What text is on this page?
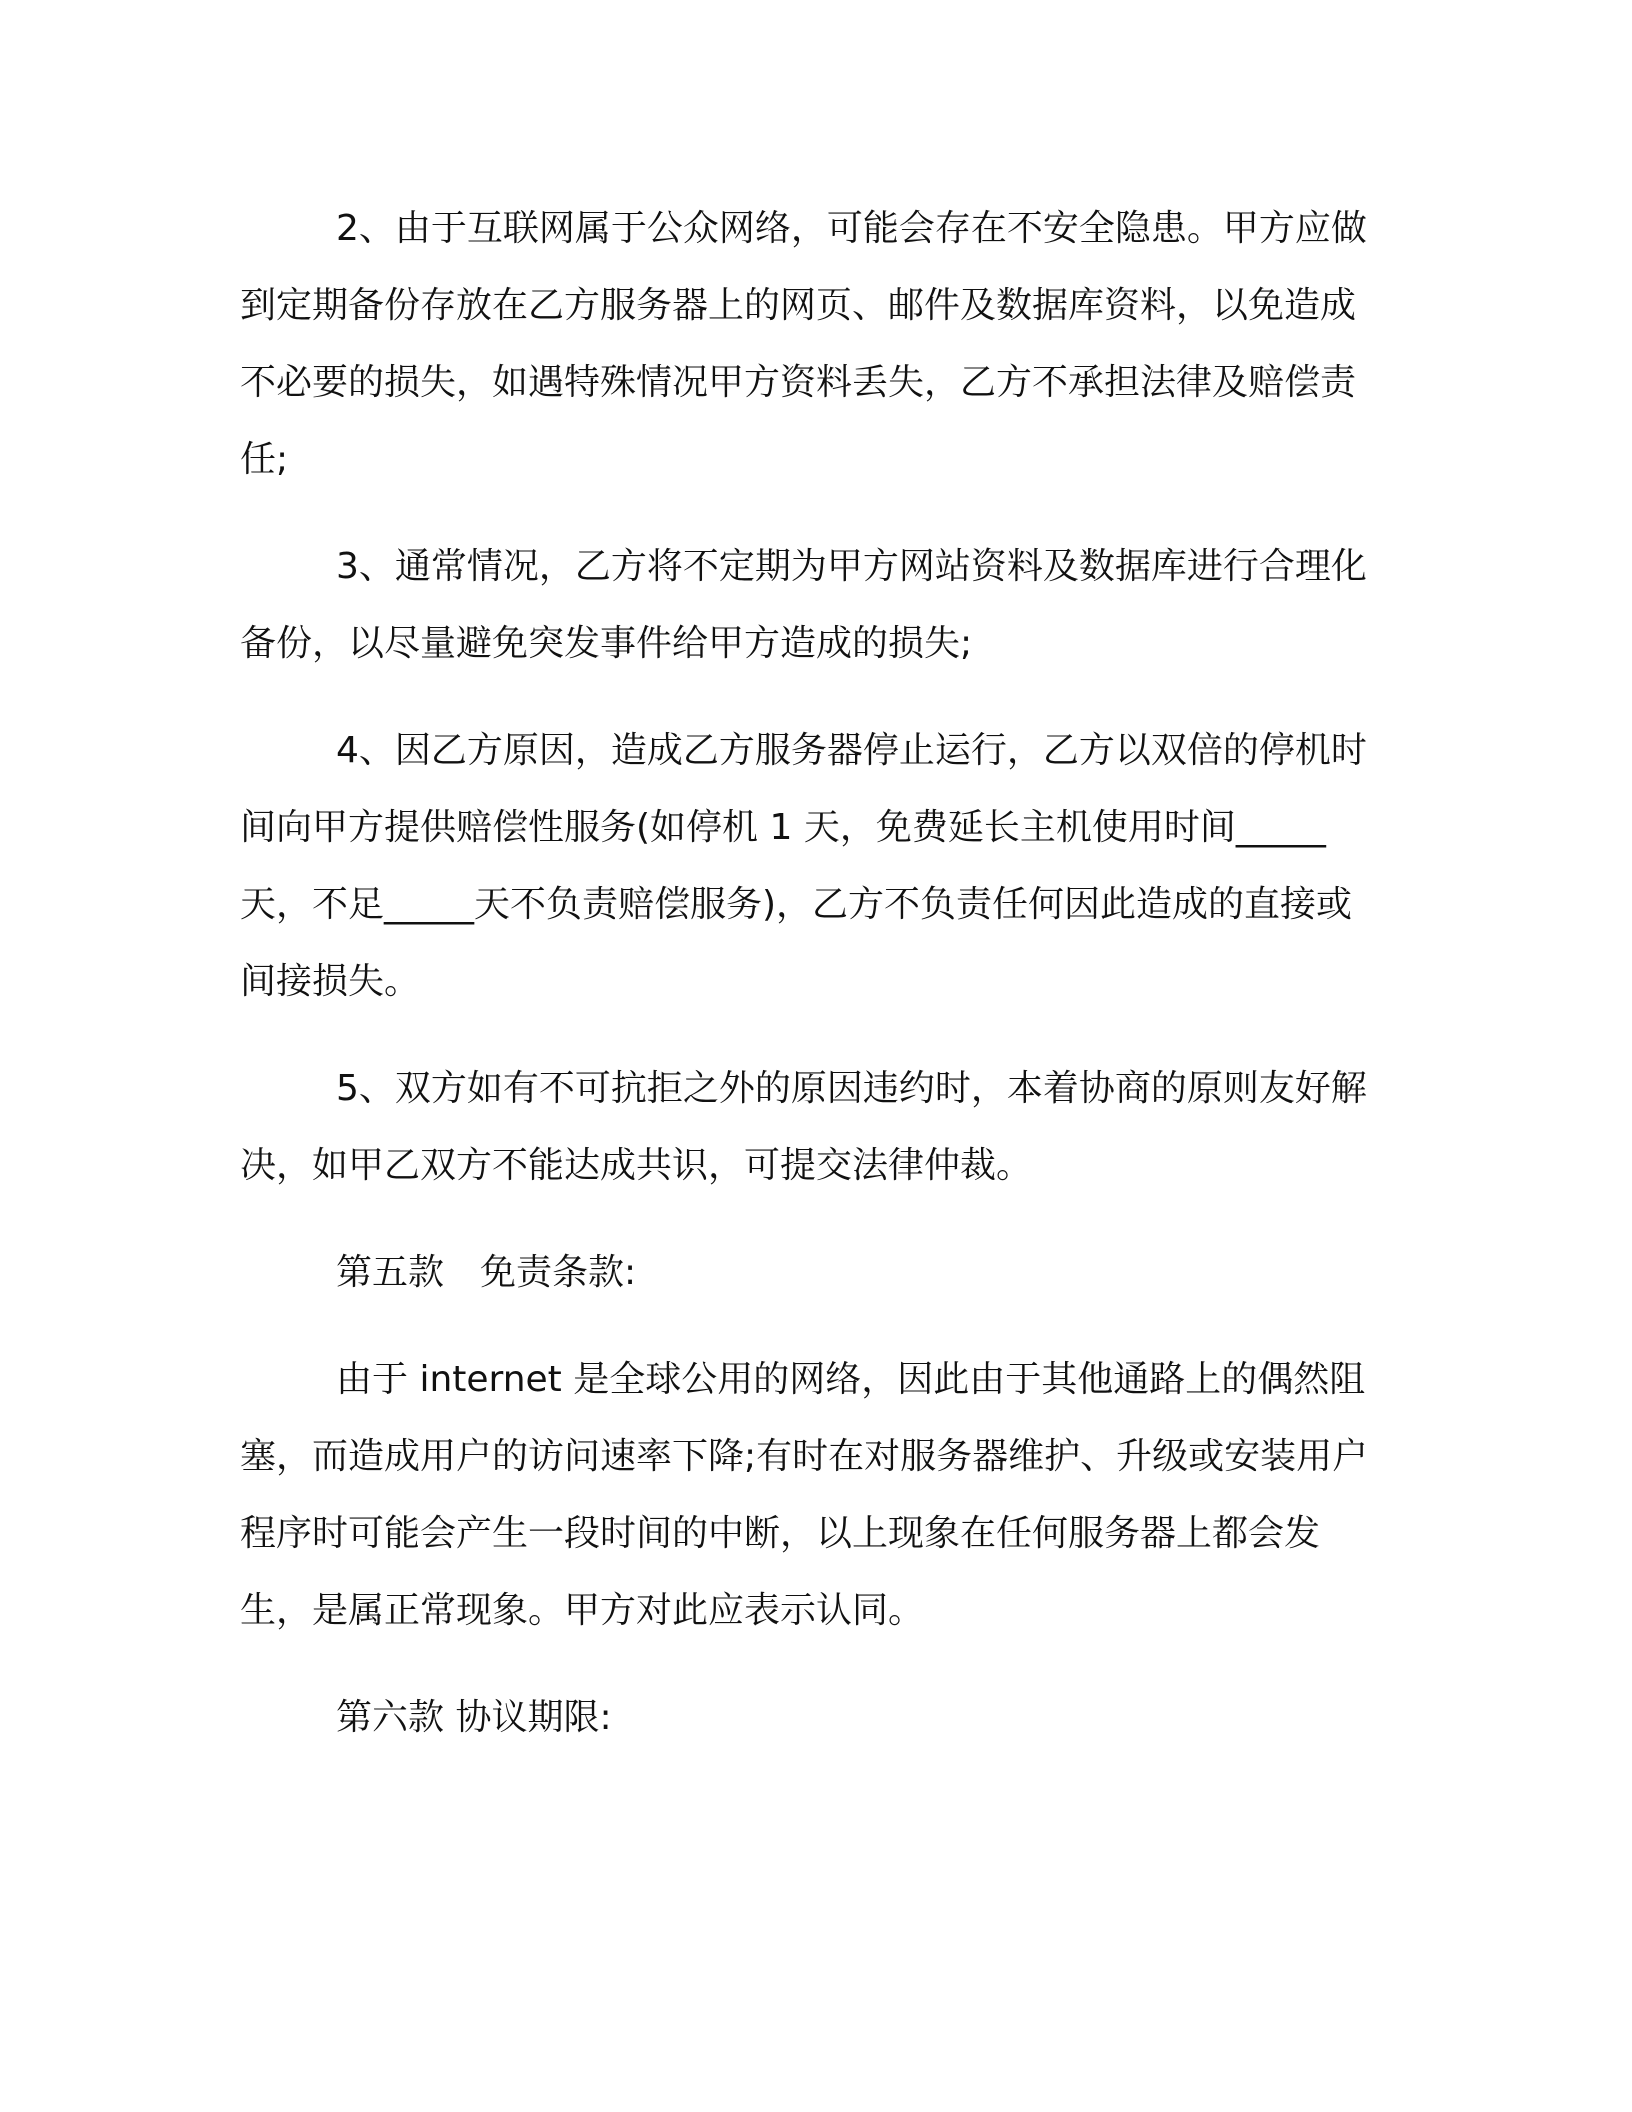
2、由于互联网属于公众网络，可能会存在不安全隐患。甲方应做到定期备份存放在乙方服务器上的网页、邮件及数据库资料，以免造成不必要的损失，如遇特殊情况甲方资料丢失，乙方不承担法律及赔偿责任;

3、通常情况，乙方将不定期为甲方网站资料及数据库进行合理化备份，以尽量避免突发事件给甲方造成的损失;

4、因乙方原因，造成乙方服务器停止运行，乙方以双倍的停机时间向甲方提供赔偿性服务(如停机 1 天，免费延长主机使用时间_____天，不足_____天不负责赔偿服务)，乙方不负责任何因此造成的直接或间接损失。

5、双方如有不可抗拒之外的原因违约时，本着协商的原则友好解决，如甲乙双方不能达成共识，可提交法律仲裁。

第五款　免责条款:

由于 internet 是全球公用的网络，因此由于其他通路上的偶然阻塞，而造成用户的访问速率下降;有时在对服务器维护、升级或安装用户程序时可能会产生一段时间的中断，以上现象在任何服务器上都会发生，是属正常现象。甲方对此应表示认同。

第六款 协议期限:
